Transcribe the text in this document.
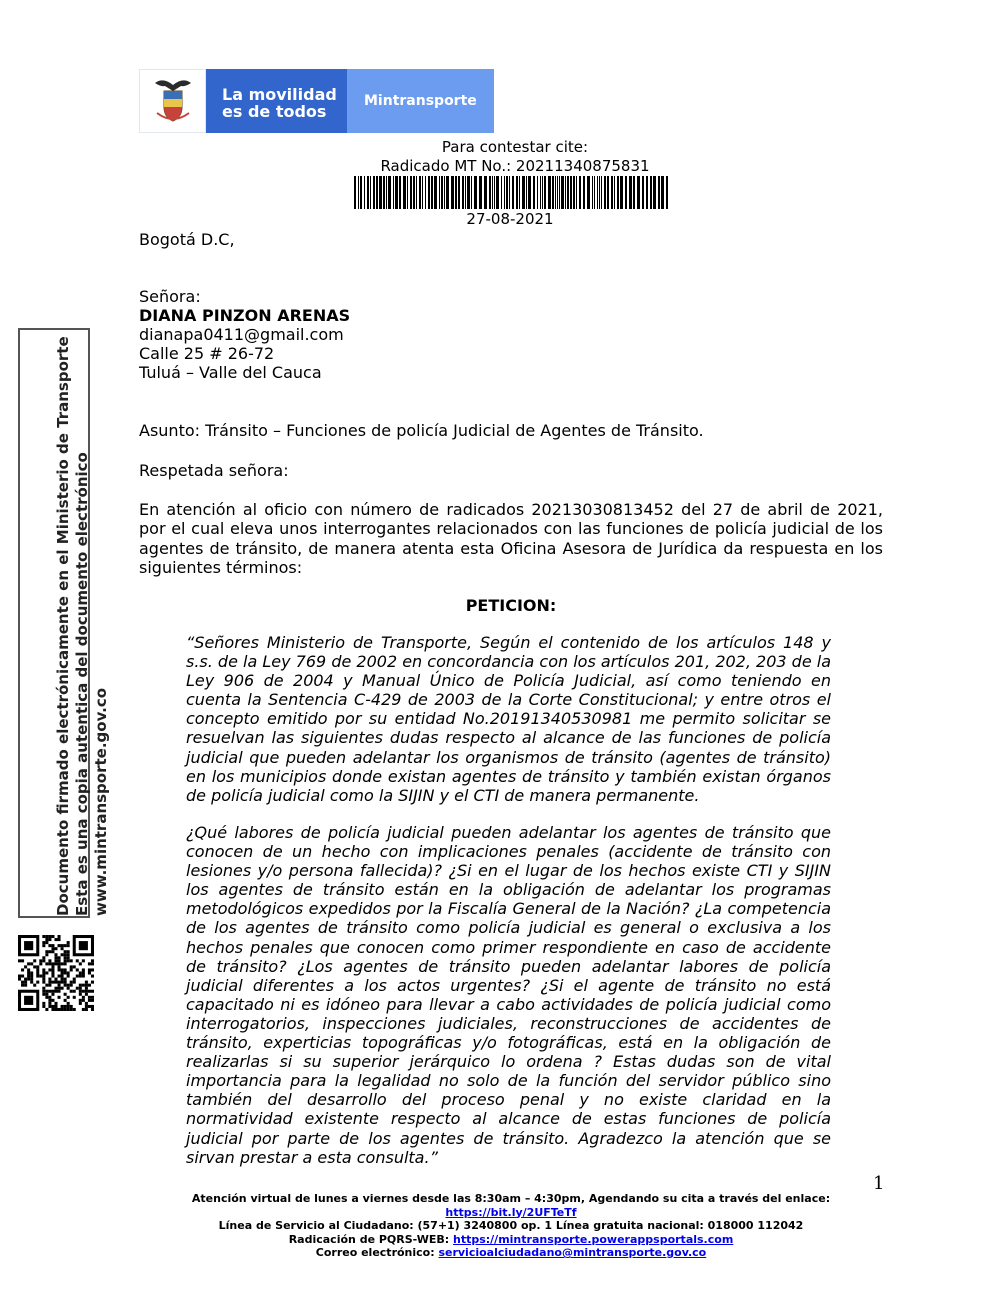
La movilidad
es de todos
Mintransporte
Para contestar cite:
Radicado MT No.: 20211340875831
27-08-2021
Bogotá D.C,
Señora:
DIANA PINZON ARENAS
dianapa0411@gmail.com
Calle 25 # 26-72
Tuluá – Valle del Cauca
Asunto: Tránsito – Funciones de policía Judicial de Agentes de Tránsito.
Respetada señora:
En atención al oficio con número de radicados 20213030813452 del 27 de abril de 2021, por el cual eleva unos interrogantes relacionados con las funciones de policía judicial de los agentes de tránsito, de manera atenta esta Oficina Asesora de Jurídica da respuesta en los siguientes términos:
PETICION:
“Señores Ministerio de Transporte, Según el contenido de los artículos 148 y s.s. de la Ley 769 de 2002 en concordancia con los artículos 201, 202, 203 de la Ley 906 de 2004 y Manual Único de Policía Judicial, así como teniendo en cuenta la Sentencia C-429 de 2003 de la Corte Constitucional; y entre otros el concepto emitido por su entidad No.20191340530981 me permito solicitar se resuelvan las siguientes dudas respecto al alcance de las funciones de policía judicial que pueden adelantar los organismos de tránsito (agentes de tránsito) en los municipios donde existan agentes de tránsito y también existan órganos de policía judicial como la SIJIN y el CTI de manera permanente.
¿Qué labores de policía judicial pueden adelantar los agentes de tránsito que conocen de un hecho con implicaciones penales (accidente de tránsito con lesiones y/o persona fallecida)? ¿Si en el lugar de los hechos existe CTI y SIJIN los agentes de tránsito están en la obligación de adelantar los programas metodológicos expedidos por la Fiscalía General de la Nación? ¿La competencia de los agentes de tránsito como policía judicial es general o exclusiva a los hechos penales que conocen como primer respondiente en caso de accidente de tránsito? ¿Los agentes de tránsito pueden adelantar labores de policía judicial diferentes a los actos urgentes? ¿Si el agente de tránsito no está capacitado ni es idóneo para llevar a cabo actividades de policía judicial como interrogatorios, inspecciones judiciales, reconstrucciones de accidentes de tránsito, experticias topográficas y/o fotográficas, está en la obligación de realizarlas si su superior jerárquico lo ordena ? Estas dudas son de vital importancia para la legalidad no solo de la función del servidor público sino también del desarrollo del proceso penal y no existe claridad en la normatividad existente respecto al alcance de estas funciones de policía judicial por parte de los agentes de tránsito. Agradezco la atención que se sirvan prestar a esta consulta.”
Documento firmado electrónicamente en el Ministerio de Transporte Esta es una copia autentica del documento electrónico www.mintransporte.gov.co
1
Atención virtual de lunes a viernes desde las 8:30am – 4:30pm, Agendando su cita a través del enlace:
https://bit.ly/2UFTeTf
Línea de Servicio al Ciudadano: (57+1) 3240800 op. 1 Línea gratuita nacional: 018000 112042
Radicación de PQRS-WEB: https://mintransporte.powerappsportals.com
Correo electrónico: servicioalciudadano@mintransporte.gov.co
